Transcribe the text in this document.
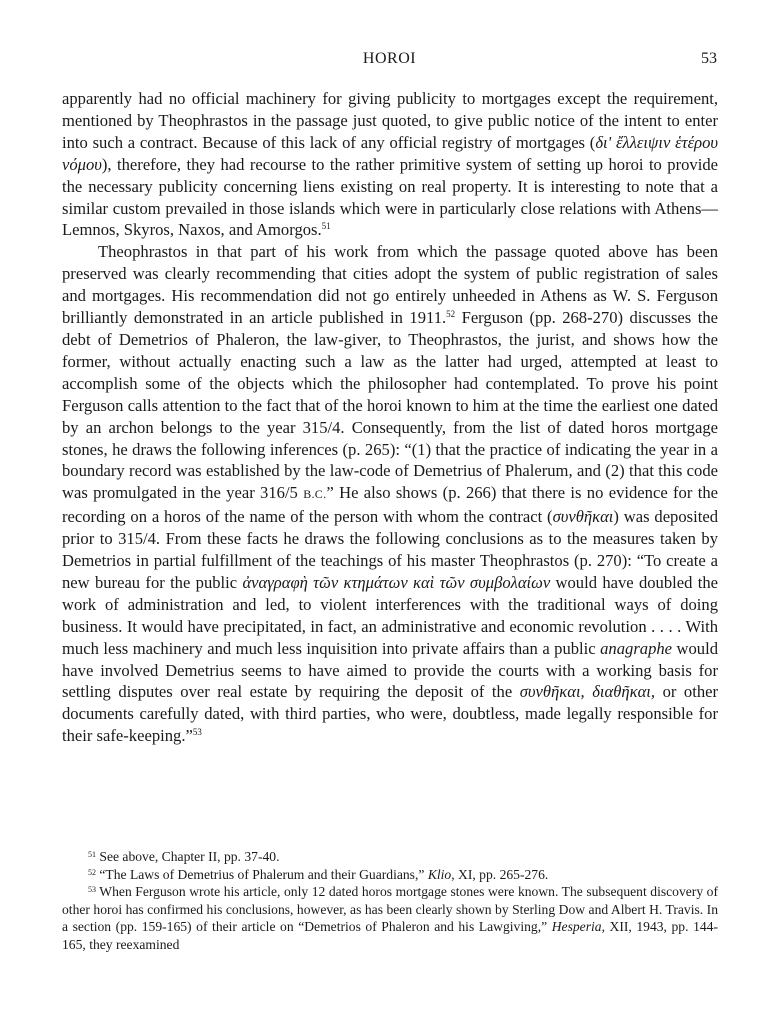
HOROI	53

apparently had no official machinery for giving publicity to mortgages except the requirement, mentioned by Theophrastos in the passage just quoted, to give public notice of the intent to enter into such a contract. Because of this lack of any official registry of mortgages (δι' ἔλλειψιν ἑτέρου νόμου), therefore, they had recourse to the rather primitive system of setting up horoi to provide the necessary publicity concerning liens existing on real property. It is interesting to note that a similar custom prevailed in those islands which were in particularly close relations with Athens—Lemnos, Skyros, Naxos, and Amorgos.$^{51}$

Theophrastos in that part of his work from which the passage quoted above has been preserved was clearly recommending that cities adopt the system of public registration of sales and mortgages. His recommendation did not go entirely unheeded in Athens as W. S. Ferguson brilliantly demonstrated in an article published in 1911.52 Ferguson (pp. 268-270) discusses the debt of Demetrios of Phaleron, the law-giver, to Theophrastos, the jurist, and shows how the former, without actually enacting such a law as the latter had urged, attempted at least to accomplish some of the objects which the philosopher had contemplated. To prove his point Ferguson calls attention to the fact that of the horoi known to him at the time the earliest one dated by an archon belongs to the year 315/4. Consequently, from the list of dated horos mortgage stones, he draws the following inferences (p. 265): “(1) that the practice of indicating the year in a boundary record was established by the law-code of Demetrius of Phalerum, and (2) that this code was promulgated in the year 316/5 B.C.” He also shows (p. 266) that there is no evidence for the recording on a horos of the name of the person with whom the contract (συνθῆκαι) was deposited prior to 315/4. From these facts he draws the following conclusions as to the measures taken by Demetrios in partial fulfillment of the teachings of his master Theophrastos (p. 270): “To create a new bureau for the public ἀναγραφὴ τῶν κτημάτων καὶ τῶν συμβολαίων would have doubled the work of administration and led, to violent interferences with the traditional ways of doing business. It would have precipitated, in fact, an administrative and economic revolution . . . . With much less machinery and much less inquisition into private affairs than a public anagraphe would have involved Demetrius seems to have aimed to provide the courts with a working basis for settling disputes over real estate by requiring the deposit of the συνθῆκαι, διαθῆκαι, or other documents carefully dated, with third parties, who were, doubtless, made legally responsible for their safe-keeping.”$^{53}$

$^{51}$ See above, Chapter II, pp. 37-40.

$^{52}$ “The Laws of Demetrius of Phalerum and their Guardians,” Klio, XI, pp. 265-276.

$^{53}$ When Ferguson wrote his article, only 12 dated horos mortgage stones were known. The subsequent discovery of other horoi has confirmed his conclusions, however, as has been clearly shown by Sterling Dow and Albert H. Travis. In a section (pp. 159-165) of their article on “Demetrios of Phaleron and his Lawgiving,” Hesperia, XII, 1943, pp. 144-165, they reexamined
